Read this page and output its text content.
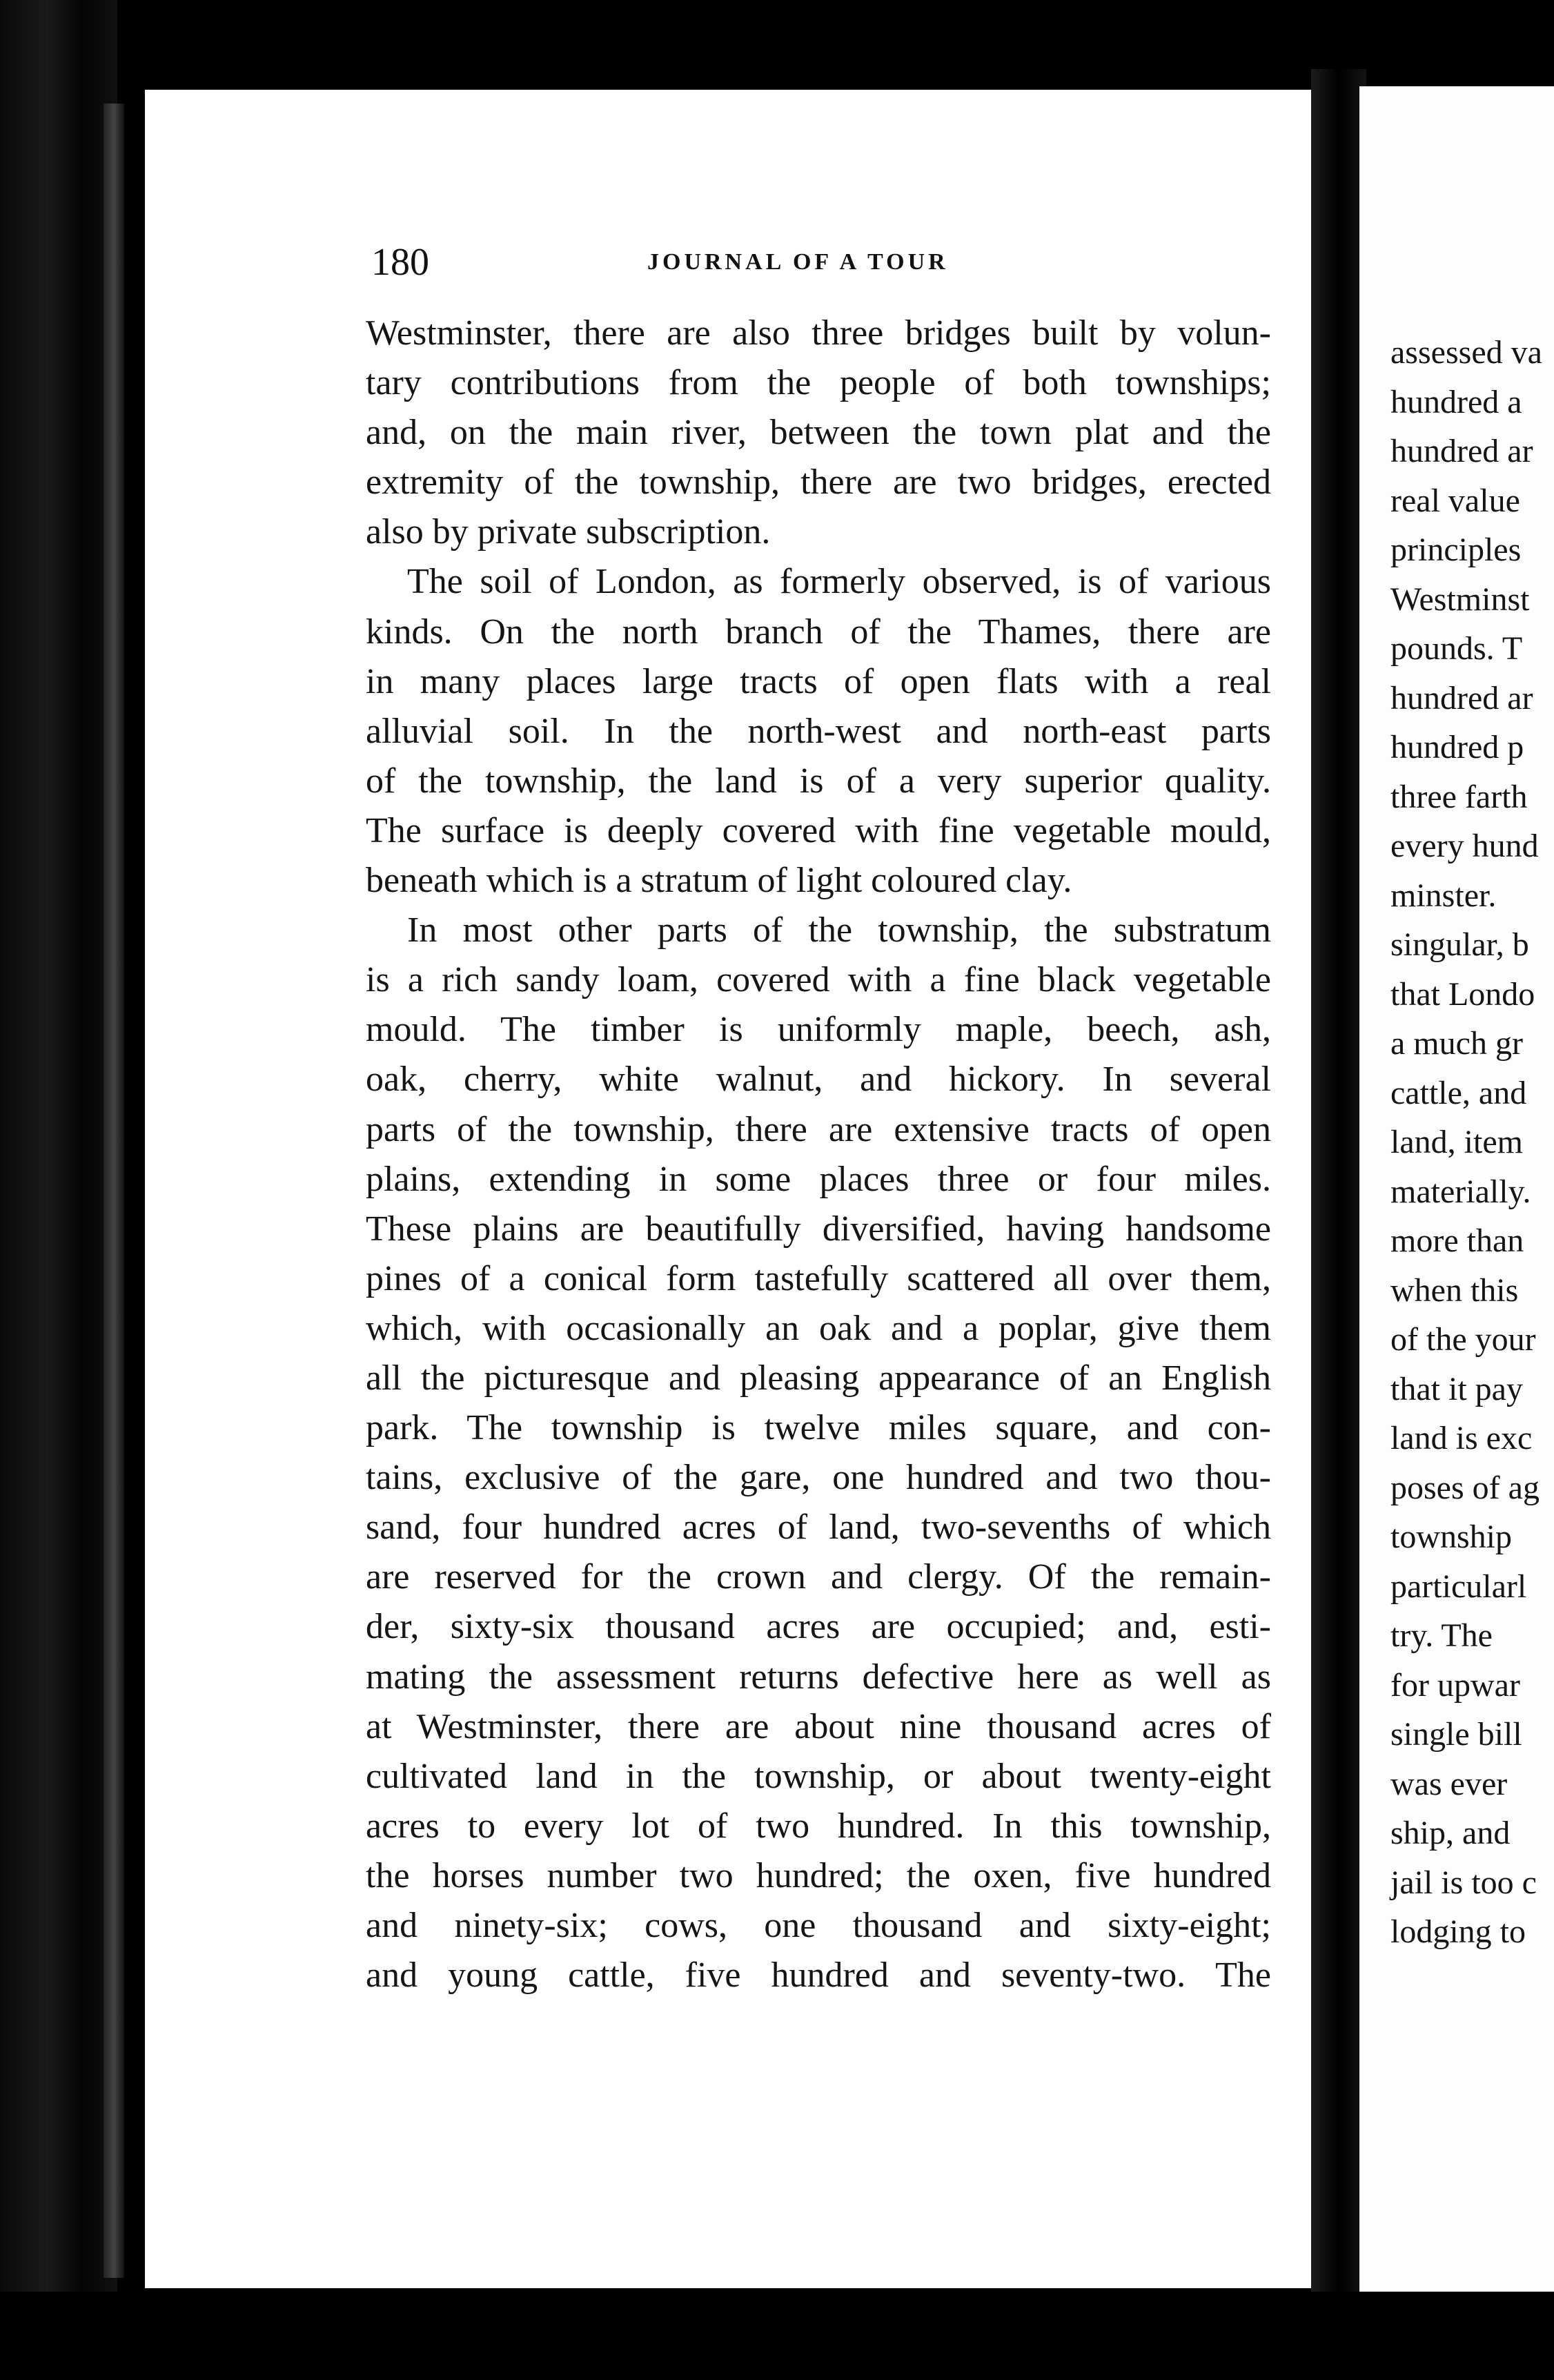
180	JOURNAL OF A TOUR
Westminster, there are also three bridges built by volun-
tary contributions from the people of both townships;
and, on the main river, between the town plat and the
extremity of the township, there are two bridges, erected
also by private subscription.
The soil of London, as formerly observed, is of various
kinds. On the north branch of the Thames, there are
in many places large tracts of open flats with a real
alluvial soil. In the north-west and north-east parts
of the township, the land is of a very superior quality.
The surface is deeply covered with fine vegetable mould,
beneath which is a stratum of light coloured clay.
In most other parts of the township, the substratum
is a rich sandy loam, covered with a fine black vegetable
mould. The timber is uniformly maple, beech, ash,
oak, cherry, white walnut, and hickory. In several
parts of the township, there are extensive tracts of open
plains, extending in some places three or four miles.
These plains are beautifully diversified, having handsome
pines of a conical form tastefully scattered all over them,
which, with occasionally an oak and a poplar, give them
all the picturesque and pleasing appearance of an English
park. The township is twelve miles square, and con-
tains, exclusive of the gare, one hundred and two thou-
sand, four hundred acres of land, two-sevenths of which
are reserved for the crown and clergy. Of the remain-
der, sixty-six thousand acres are occupied; and, esti-
mating the assessment returns defective here as well as
at Westminster, there are about nine thousand acres of
cultivated land in the township, or about twenty-eight
acres to every lot of two hundred. In this township,
the horses number two hundred; the oxen, five hundred
and ninety-six; cows, one thousand and sixty-eight;
and young cattle, five hundred and seventy-two. The
assessed va
hundred a
hundred ar
real value
principles
Westminst
pounds. T
hundred ar
hundred p
three farth
every hund
minster.
singular, b
that Londo
a much gr
cattle, and
land, item
materially.
more than
when this
of the your
that it pay
land is exc
poses of ag
township
particularl
try. The
for upwar
single bill
was ever
ship, and
jail is too c
lodging to
